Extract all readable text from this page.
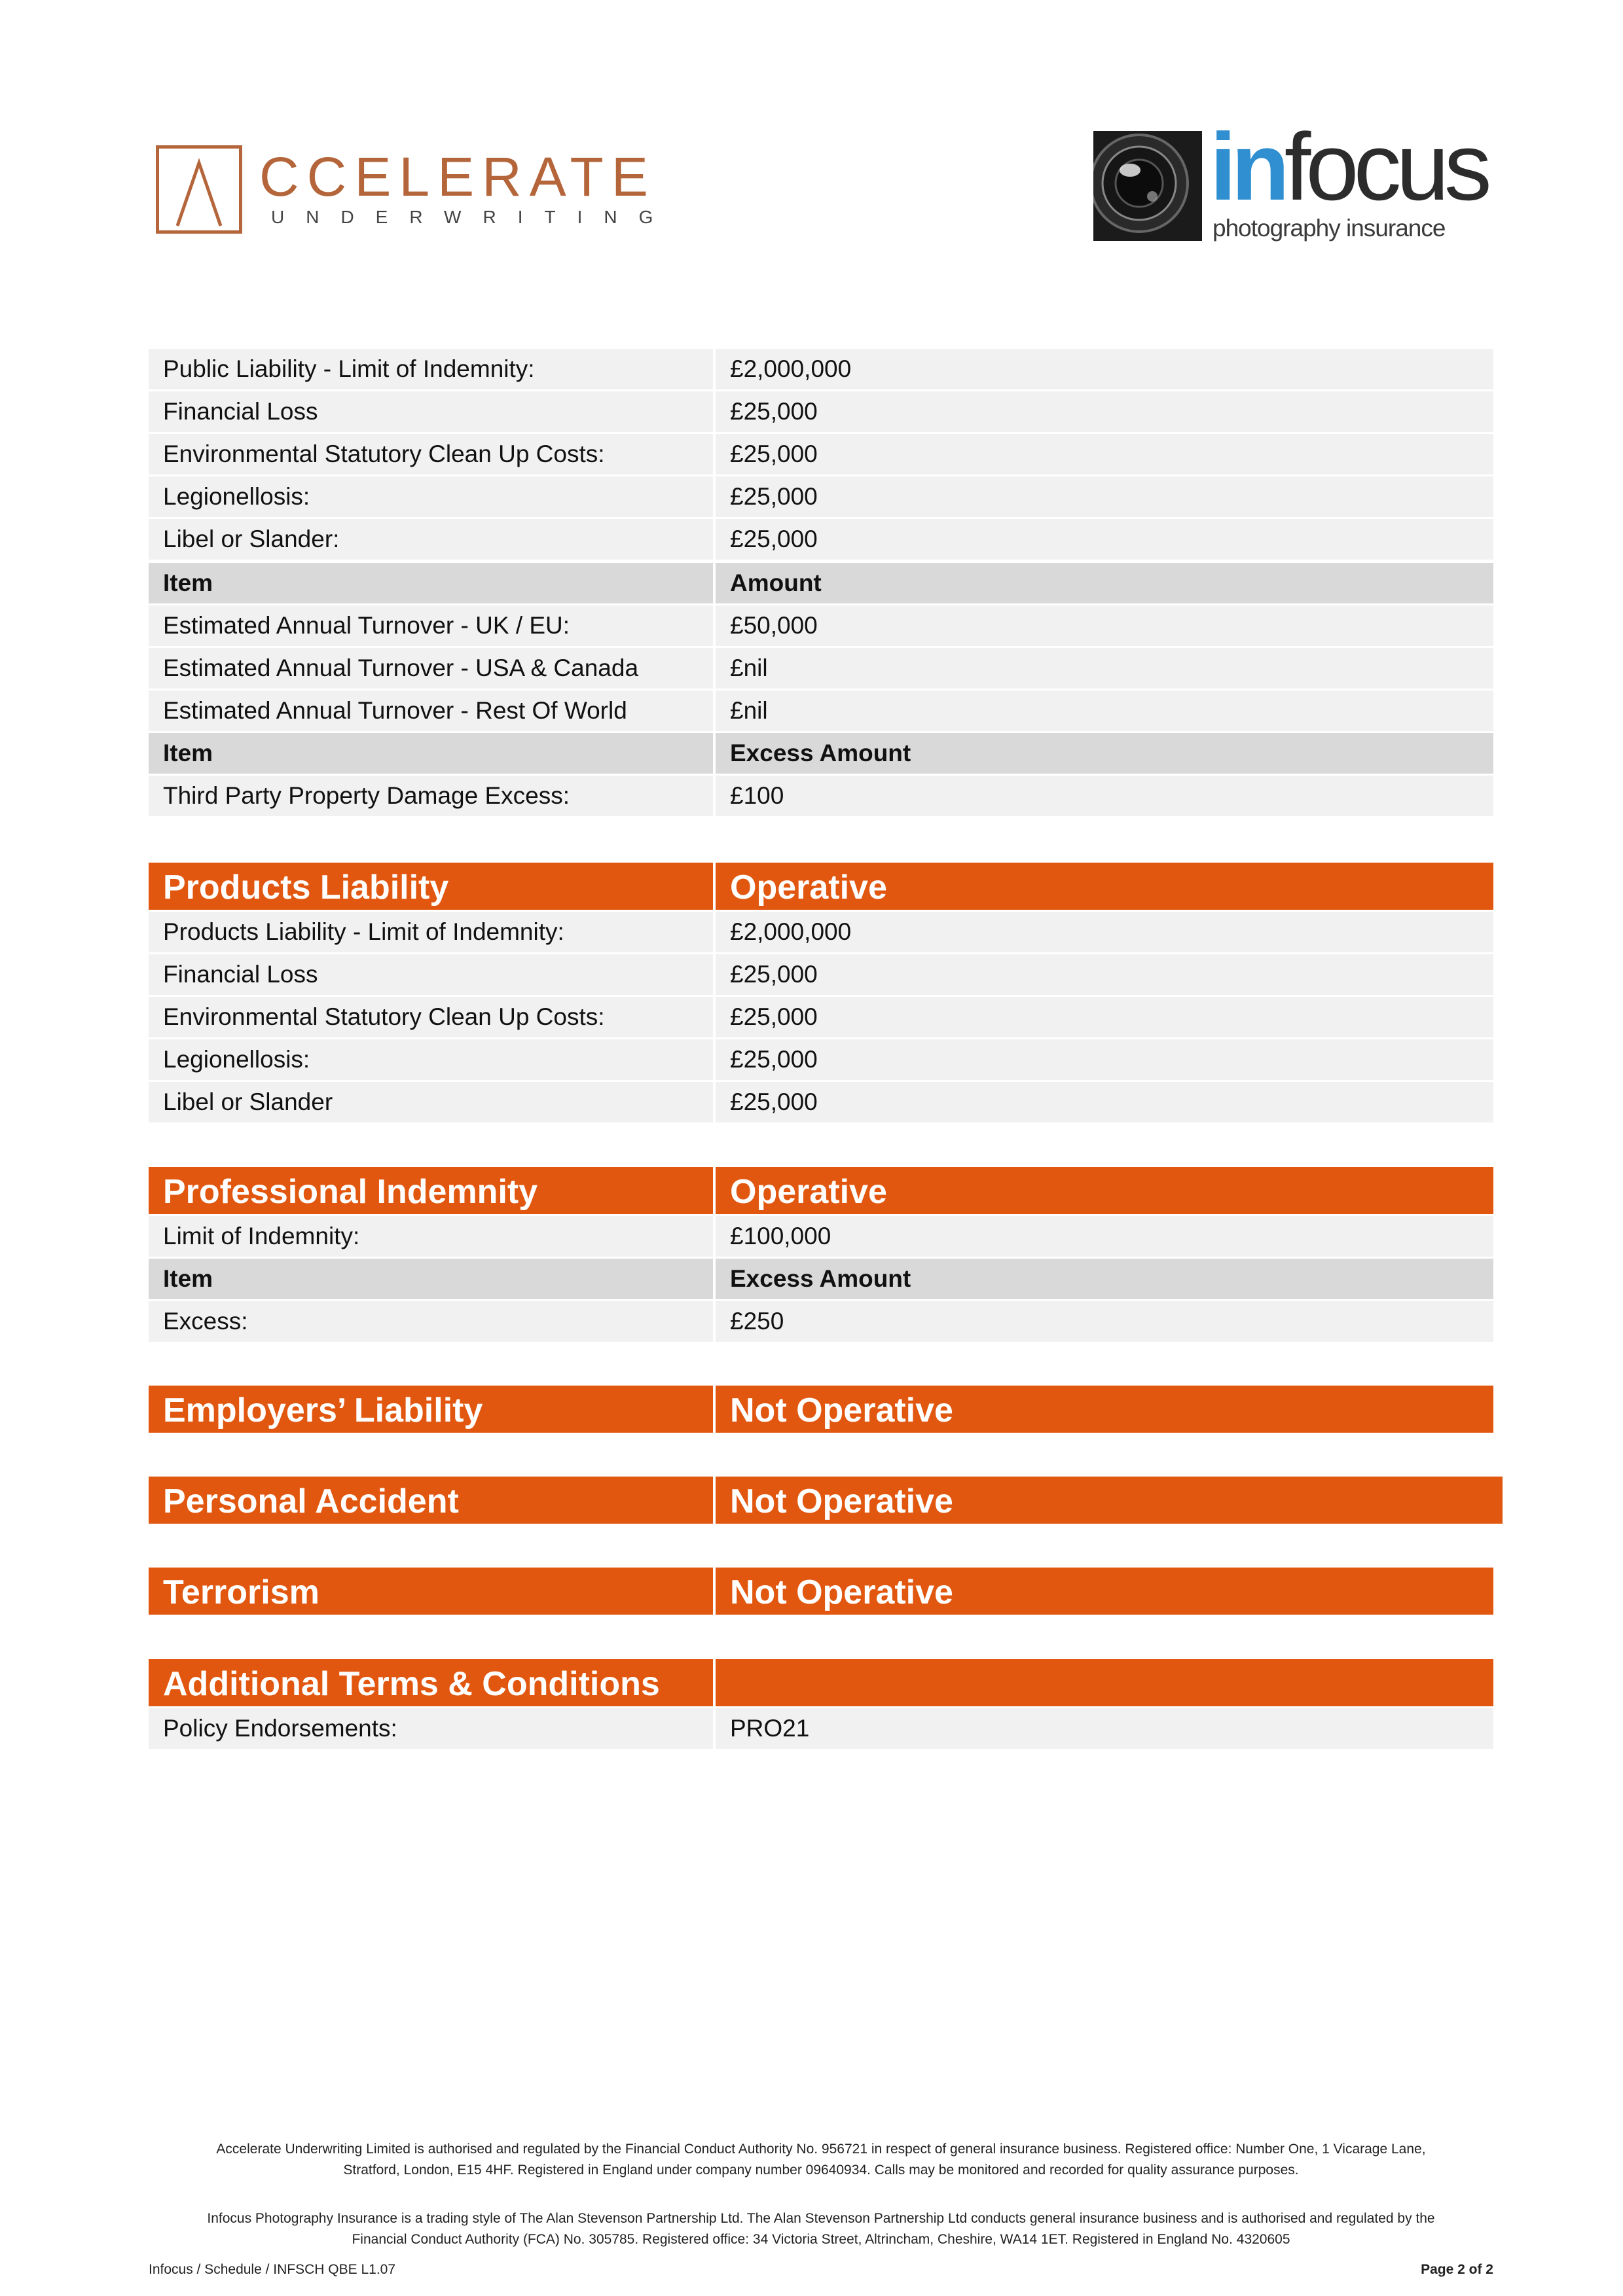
CCELERATE
UNDERWRITING	infocus
photography insurance
Public Liability - Limit of Indemnity:	£2,000,000
Financial Loss	£25,000
Environmental Statutory Clean Up Costs:	£25,000
Legionellosis:	£25,000
Libel or Slander:	£25,000
Item	Amount
Estimated Annual Turnover - UK / EU:	£50,000
Estimated Annual Turnover - USA & Canada	£nil
Estimated Annual Turnover - Rest Of World	£nil
Item	Excess Amount
Third Party Property Damage Excess:	£100
Products Liability	Operative
Products Liability - Limit of Indemnity:	£2,000,000
Financial Loss	£25,000
Environmental Statutory Clean Up Costs:	£25,000
Legionellosis:	£25,000
Libel or Slander	£25,000
Professional Indemnity	Operative
Limit of Indemnity:	£100,000
Item	Excess Amount
Excess:	£250
Employers’ Liability	Not Operative
Personal Accident	Not Operative
Terrorism	Not Operative
Additional Terms & Conditions
Policy Endorsements:	PRO21
Accelerate Underwriting Limited is authorised and regulated by the Financial Conduct Authority No. 956721 in respect of general insurance business. Registered office: Number One, 1 Vicarage Lane,
Stratford, London, E15 4HF. Registered in England under company number 09640934. Calls may be monitored and recorded for quality assurance purposes.
Infocus Photography Insurance is a trading style of The Alan Stevenson Partnership Ltd. The Alan Stevenson Partnership Ltd conducts general insurance business and is authorised and regulated by the
Financial Conduct Authority (FCA) No. 305785. Registered office: 34 Victoria Street, Altrincham, Cheshire, WA14 1ET. Registered in England No. 4320605
Infocus / Schedule / INFSCH QBE L1.07	Page 2 of 2
